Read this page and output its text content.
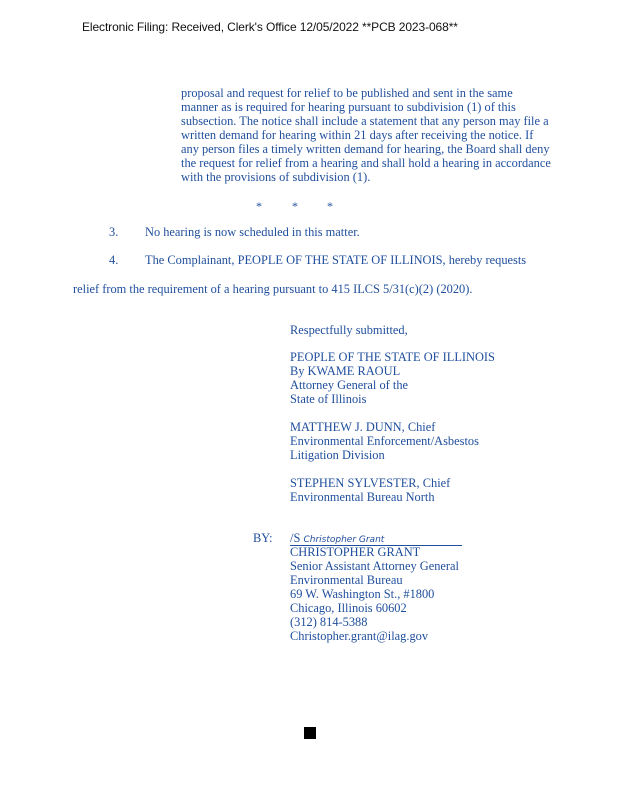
Electronic Filing: Received, Clerk's Office 12/05/2022 **PCB 2023-068**
proposal and request for relief to be published and sent in the same
manner as is required for hearing pursuant to subdivision (1) of this
subsection. The notice shall include a statement that any person may file a
written demand for hearing within 21 days after receiving the notice. If
any person files a timely written demand for hearing, the Board shall deny
the request for relief from a hearing and shall hold a hearing in accordance
with the provisions of subdivision (1).
*	* *
3. No hearing is now scheduled in this matter.
4. The Complainant, PEOPLE OF THE STATE OF ILLINOIS, hereby requests
relief from the requirement of a hearing pursuant to 415 ILCS 5/31(c)(2) (2020).
Respectfully submitted,
PEOPLE OF THE STATE OF ILLINOIS
By KWAME RAOUL
Attorney General of the
State of Illinois
MATTHEW J. DUNN, Chief
Environmental Enforcement/Asbestos
Litigation Division
STEPHEN SYLVESTER, Chief
Environmental Bureau North
BY: /S Christopher Grant
CHRISTOPHER GRANT
Senior Assistant Attorney General
Environmental Bureau
69 W. Washington St., #1800
Chicago, Illinois 60602
(312) 814-5388
Christopher.grant@ilag.gov
